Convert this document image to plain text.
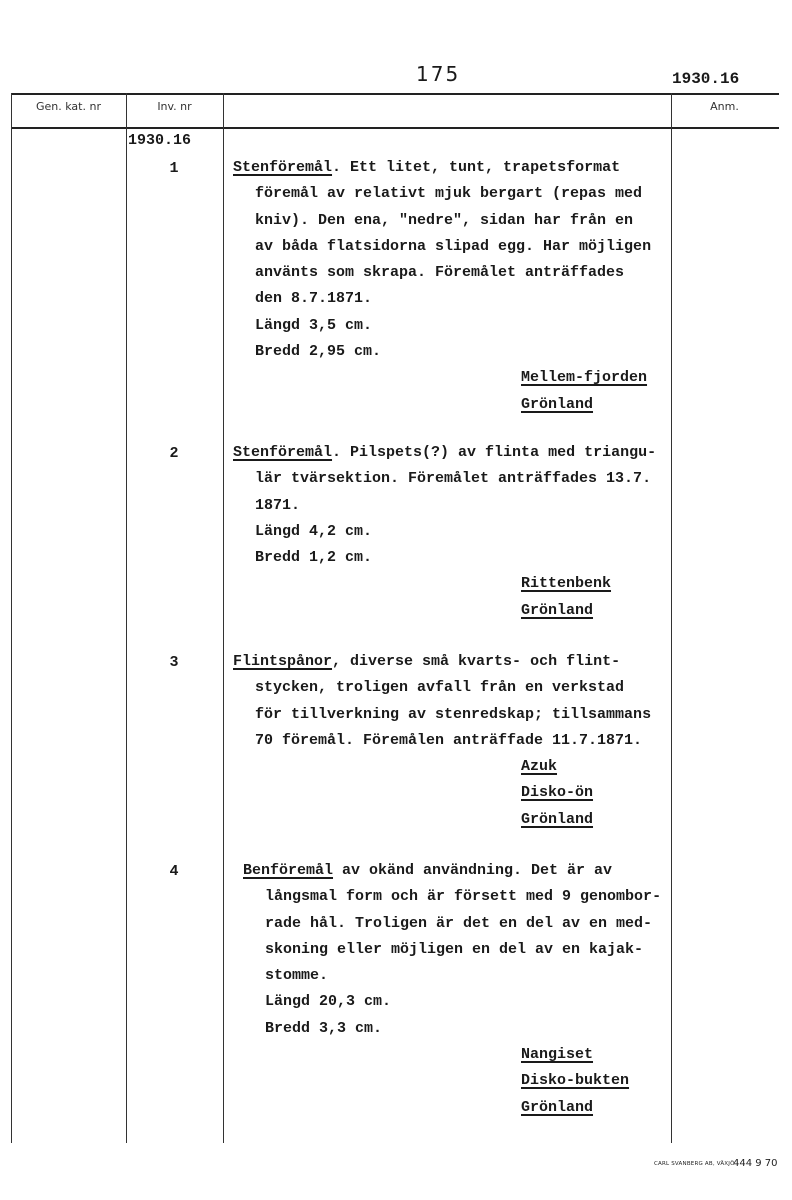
175	1930.16
Gen. kat. nr	Inv. nr	Anm.
1930.16
1	Stenföremål. Ett litet, tunt, trapetsformat
föremål av relativt mjuk bergart (repas med
kniv). Den ena, "nedre", sidan har från en
av båda flatsidorna slipad egg. Har möjligen
använts som skrapa. Föremålet anträffades
den 8.7.1871.
Längd 3,5 cm.
Bredd 2,95 cm.
Mellem-fjorden
Grönland
2	Stenföremål. Pilspets(?) av flinta med triangu-
lär tvärsektion. Föremålet anträffades 13.7.
1871.
Längd 4,2 cm.
Bredd 1,2 cm.
Rittenbenk
Grönland
3	Flintspånor, diverse små kvarts- och flint-
stycken, troligen avfall från en verkstad
för tillverkning av stenredskap; tillsammans
70 föremål. Föremålen anträffade 11.7.1871.
Azuk
Disko-ön
Grönland
4	Benföremål av okänd användning. Det är av
långsmal form och är försett med 9 genombor-
rade hål. Troligen är det en del av en med-
skoning eller möjligen en del av en kajak-
stomme.
Längd 20,3 cm.
Bredd 3,3 cm.
Nangiset
Disko-bukten
Grönland
CARL SVANBERG AB, VÄXJÖ
444 9 70
